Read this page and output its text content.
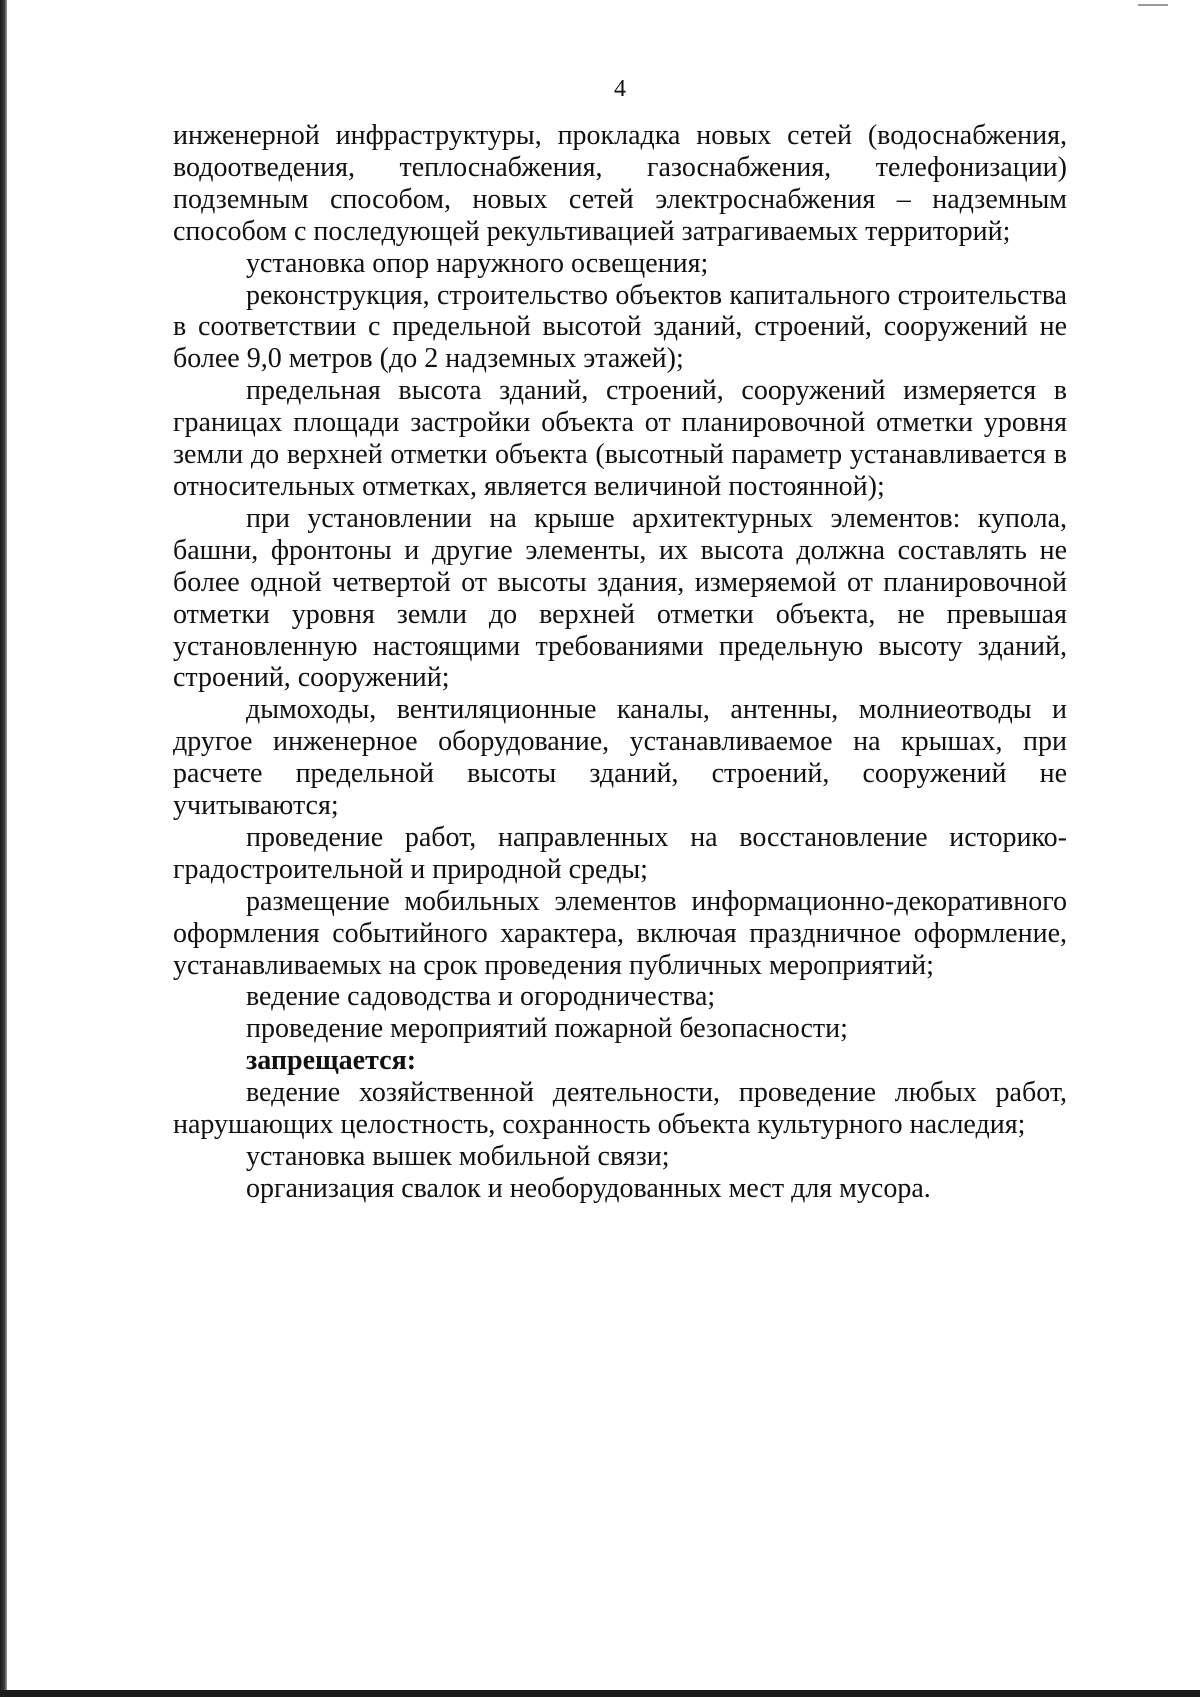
4

инженерной инфраструктуры, прокладка новых сетей (водоснабжения, водоотведения, теплоснабжения, газоснабжения, телефонизации) подземным способом, новых сетей электроснабжения – надземным способом с последующей рекультивацией затрагиваемых территорий;

установка опор наружного освещения;

реконструкция, строительство объектов капитального строительства в соответствии с предельной высотой зданий, строений, сооружений не более 9,0 метров (до 2 надземных этажей);

предельная высота зданий, строений, сооружений измеряется в границах площади застройки объекта от планировочной отметки уровня земли до верхней отметки объекта (высотный параметр устанавливается в относительных отметках, является величиной постоянной);

при установлении на крыше архитектурных элементов: купола, башни, фронтоны и другие элементы, их высота должна составлять не более одной четвертой от высоты здания, измеряемой от планировочной отметки уровня земли до верхней отметки объекта, не превышая установленную настоящими требованиями предельную высоту зданий, строений, сооружений;

дымоходы, вентиляционные каналы, антенны, молниеотводы и другое инженерное оборудование, устанавливаемое на крышах, при расчете предельной высоты зданий, строений, сооружений не учитываются;

проведение работ, направленных на восстановление историко-градостроительной и природной среды;

размещение мобильных элементов информационно-декоративного оформления событийного характера, включая праздничное оформление, устанавливаемых на срок проведения публичных мероприятий;

ведение садоводства и огородничества;

проведение мероприятий пожарной безопасности;

запрещается:

ведение хозяйственной деятельности, проведение любых работ, нарушающих целостность, сохранность объекта культурного наследия;

установка вышек мобильной связи;

организация свалок и необорудованных мест для мусора.
